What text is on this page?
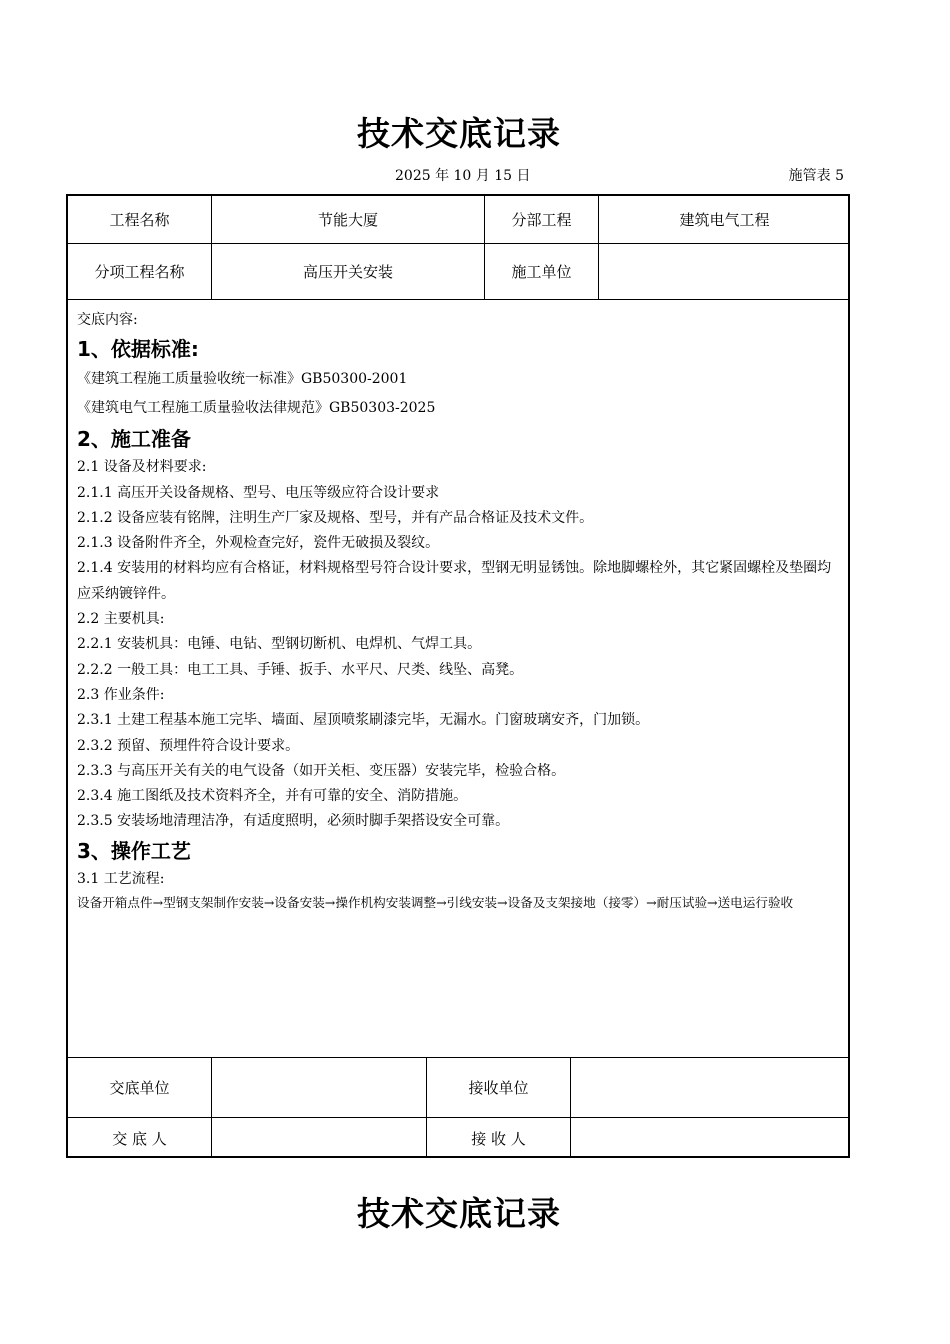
技术交底记录
2025 年 10 月 15 日	施管表 5
工程名称	节能大厦	分部工程	建筑电气工程
分项工程名称	高压开关安装	施工单位
交底内容:
1、依据标准:
《建筑工程施工质量验收统一标准》GB50300-2001
《建筑电气工程施工质量验收法律规范》GB50303-2025
2、施工准备
2.1 设备及材料要求:
2.1.1 高压开关设备规格、型号、电压等级应符合设计要求
2.1.2 设备应装有铭牌，注明生产厂家及规格、型号，并有产品合格证及技术文件。
2.1.3 设备附件齐全，外观检查完好，瓷件无破损及裂纹。
2.1.4 安装用的材料均应有合格证，材料规格型号符合设计要求，型钢无明显锈蚀。除地脚螺栓外，其它紧固螺栓及垫圈均应采纳镀锌件。
2.2 主要机具:
2.2.1 安装机具：电锤、电钻、型钢切断机、电焊机、气焊工具。
2.2.2 一般工具：电工工具、手锤、扳手、水平尺、尺类、线坠、高凳。
2.3 作业条件:
2.3.1 土建工程基本施工完毕、墙面、屋顶喷浆刷漆完毕，无漏水。门窗玻璃安齐，门加锁。
2.3.2 预留、预埋件符合设计要求。
2.3.3 与高压开关有关的电气设备（如开关柜、变压器）安装完毕，检验合格。
2.3.4 施工图纸及技术资料齐全，并有可靠的安全、消防措施。
2.3.5 安装场地清理洁净，有适度照明，必须时脚手架搭设安全可靠。
3、操作工艺
3.1 工艺流程:
设备开箱点件→型钢支架制作安装→设备安装→操作机构安装调整→引线安装→设备及支架接地（接零）→耐压试验→送电运行验收
交底单位	接收单位
交 底 人	接 收 人
技术交底记录
